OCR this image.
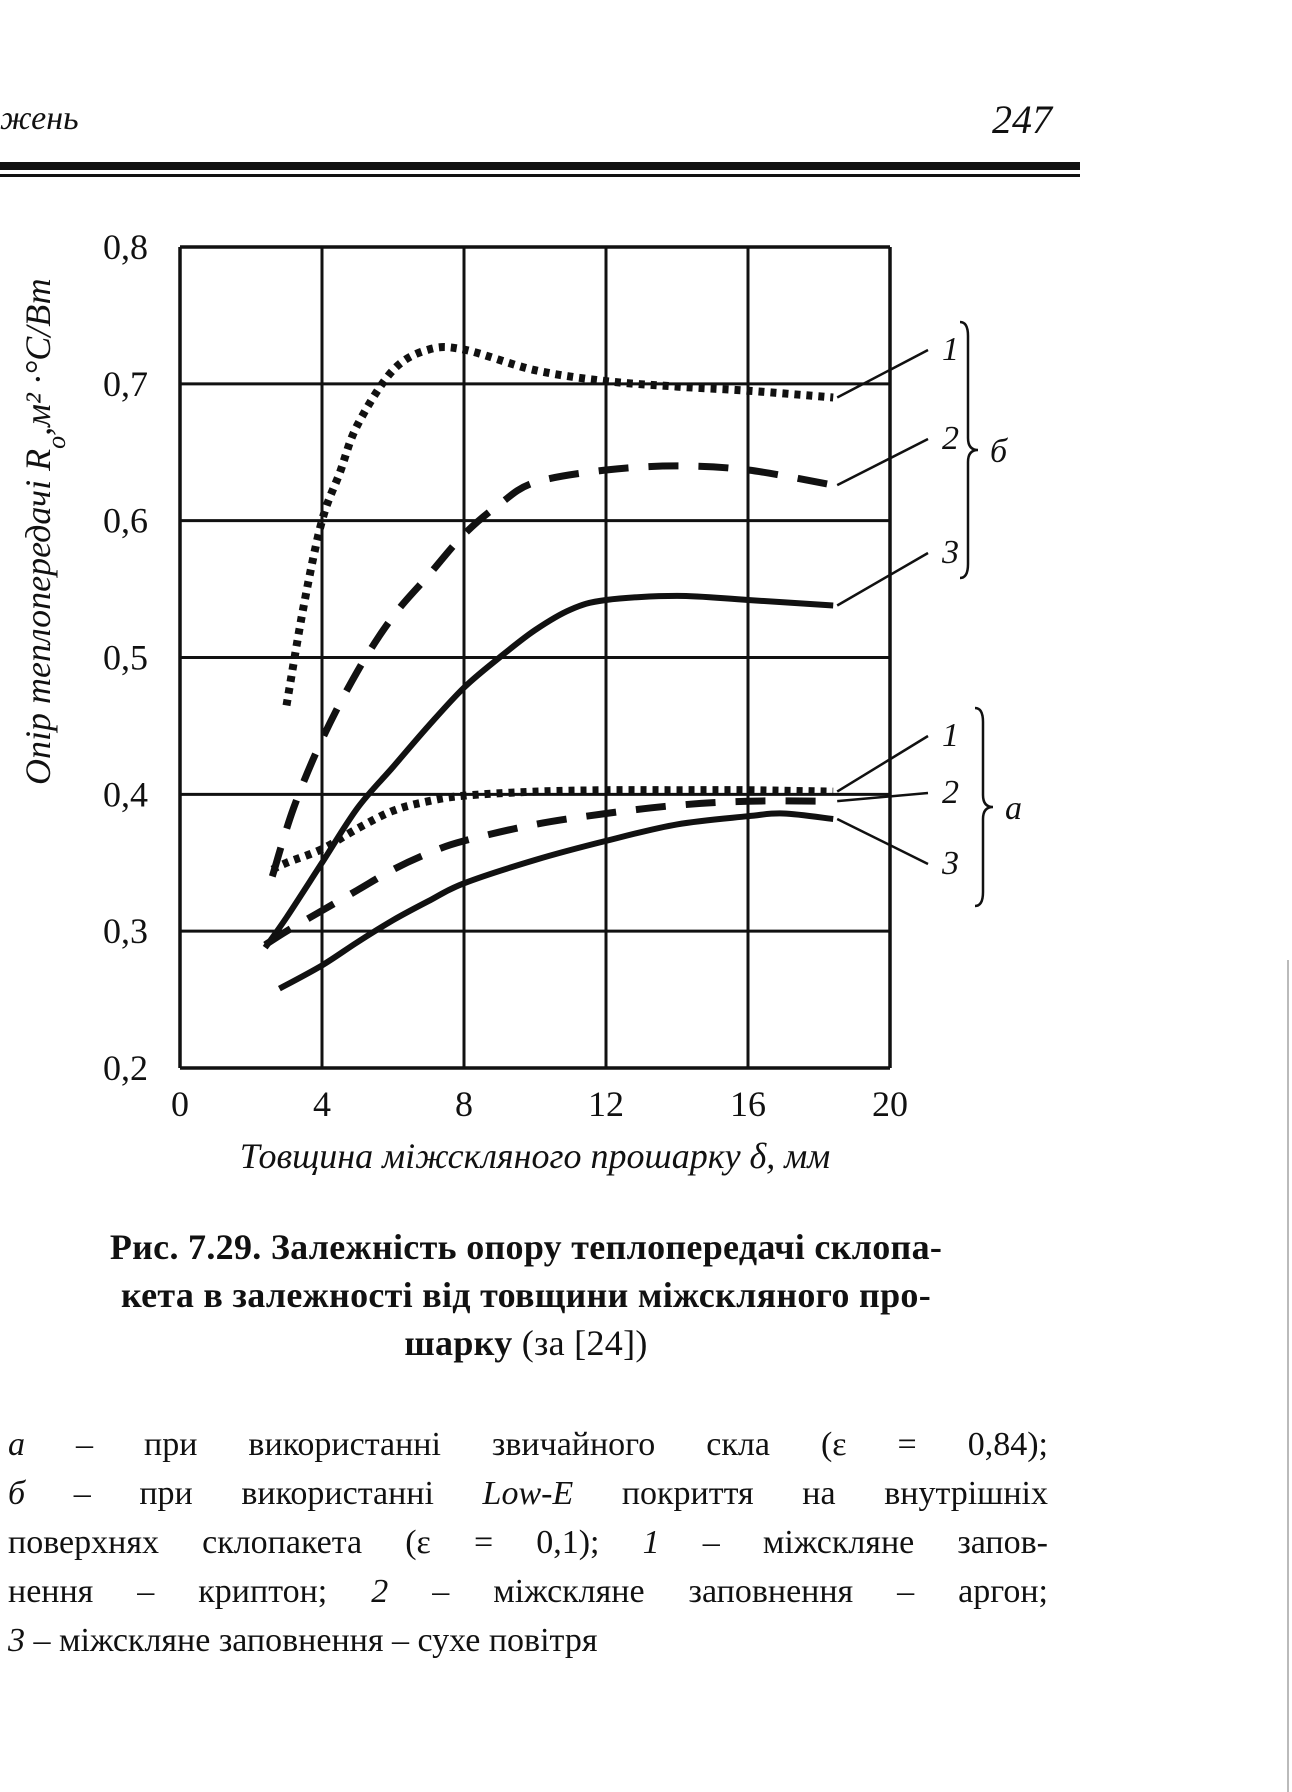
жень	247
0	4	8	12	16	20
0,2
0,3
0,4
0,5
0,6
0,7
0,8
Опір теплопередачі $R_o,м^2 \cdot^\circ С/Вт$
Товщина міжскляного прошарку δ, мм
1
2
3
1
2
3
б
а
Рис. 7.29. Залежність опору теплопередачі склопа-
кета в залежності від товщини міжскляного про-
шарку (за [24])
а – при використанні звичайного скла (ε = 0,84);
б – при використанні Low-E покриття на внутрішніх
поверхнях склопакета (ε = 0,1); 1 – міжскляне запов-
нення – криптон; 2 – міжскляне заповнення – аргон;
3 – міжскляне заповнення – сухе повітря
